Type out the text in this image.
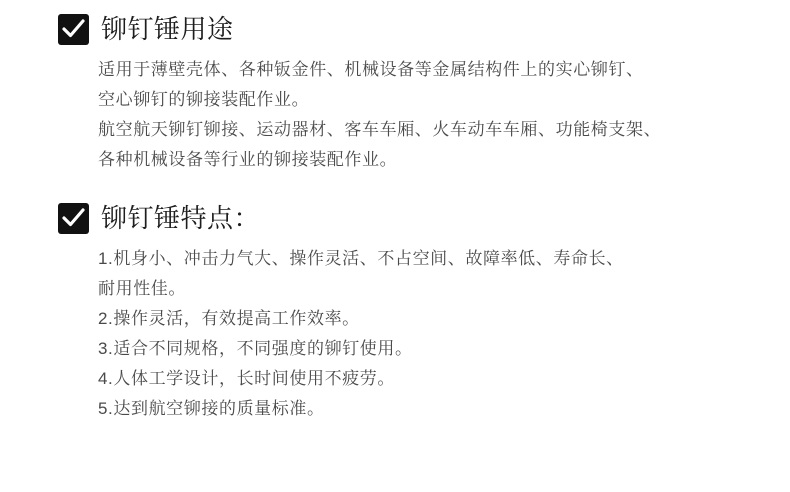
铆钉锤用途
适用于薄壁壳体、各种钣金件、机械设备等金属结构件上的实心铆钉、
空心铆钉的铆接装配作业。
航空航天铆钉铆接、运动器材、客车车厢、火车动车车厢、功能椅支架、
各种机械设备等行业的铆接装配作业。
铆钉锤特点：
1.机身小、冲击力气大、操作灵活、不占空间、故障率低、寿命长、
耐用性佳。
2.操作灵活，有效提高工作效率。
3.适合不同规格，不同强度的铆钉使用。
4.人体工学设计，长时间使用不疲劳。
5.达到航空铆接的质量标准。
